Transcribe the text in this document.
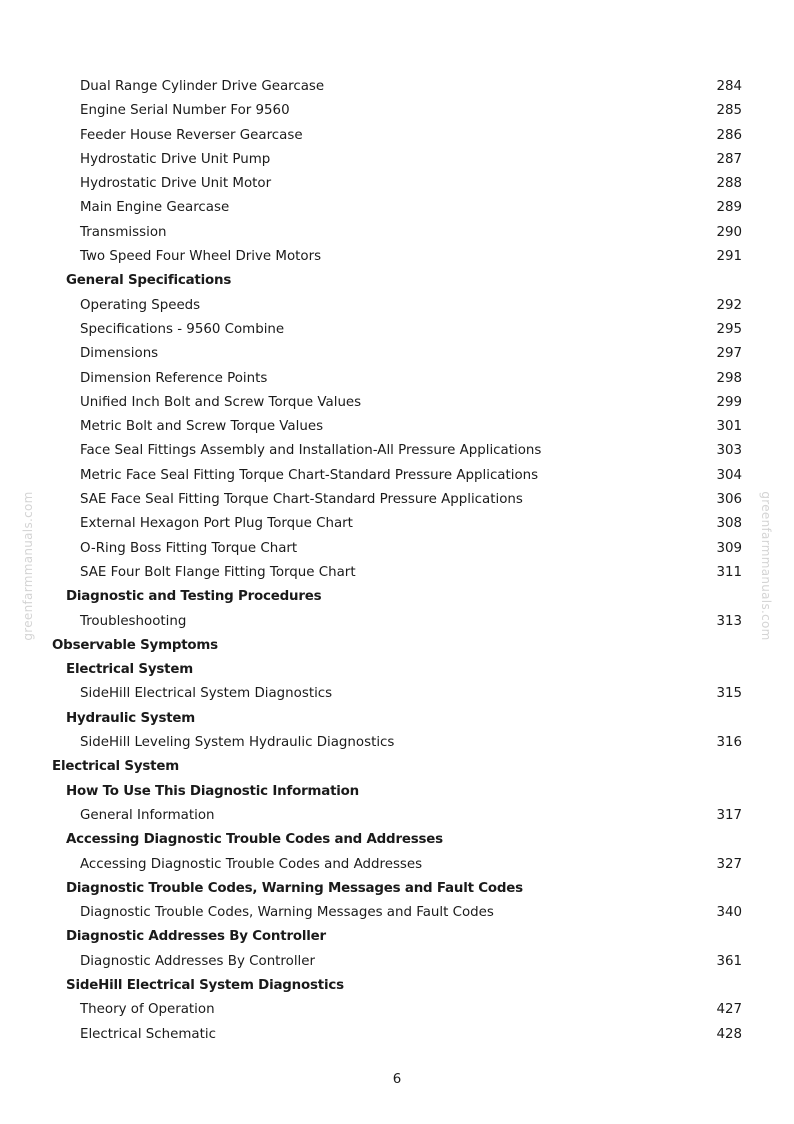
greenfarmmanuals.com	greenfarmmanuals.com
Dual Range Cylinder Drive Gearcase	284
Engine Serial Number For 9560	285
Feeder House Reverser Gearcase	286
Hydrostatic Drive Unit Pump	287
Hydrostatic Drive Unit Motor	288
Main Engine Gearcase	289
Transmission	290
Two Speed Four Wheel Drive Motors	291
General Specifications
Operating Speeds	292
Specifications - 9560 Combine	295
Dimensions	297
Dimension Reference Points	298
Unified Inch Bolt and Screw Torque Values	299
Metric Bolt and Screw Torque Values	301
Face Seal Fittings Assembly and Installation-All Pressure Applications	303
Metric Face Seal Fitting Torque Chart-Standard Pressure Applications	304
SAE Face Seal Fitting Torque Chart-Standard Pressure Applications	306
External Hexagon Port Plug Torque Chart	308
O-Ring Boss Fitting Torque Chart	309
SAE Four Bolt Flange Fitting Torque Chart	311
Diagnostic and Testing Procedures
Troubleshooting	313
Observable Symptoms
Electrical System
SideHill Electrical System Diagnostics	315
Hydraulic System
SideHill Leveling System Hydraulic Diagnostics	316
Electrical System
How To Use This Diagnostic Information
General Information	317
Accessing Diagnostic Trouble Codes and Addresses
Accessing Diagnostic Trouble Codes and Addresses	327
Diagnostic Trouble Codes, Warning Messages and Fault Codes
Diagnostic Trouble Codes, Warning Messages and Fault Codes	340
Diagnostic Addresses By Controller
Diagnostic Addresses By Controller	361
SideHill Electrical System Diagnostics
Theory of Operation	427
Electrical Schematic	428
6
